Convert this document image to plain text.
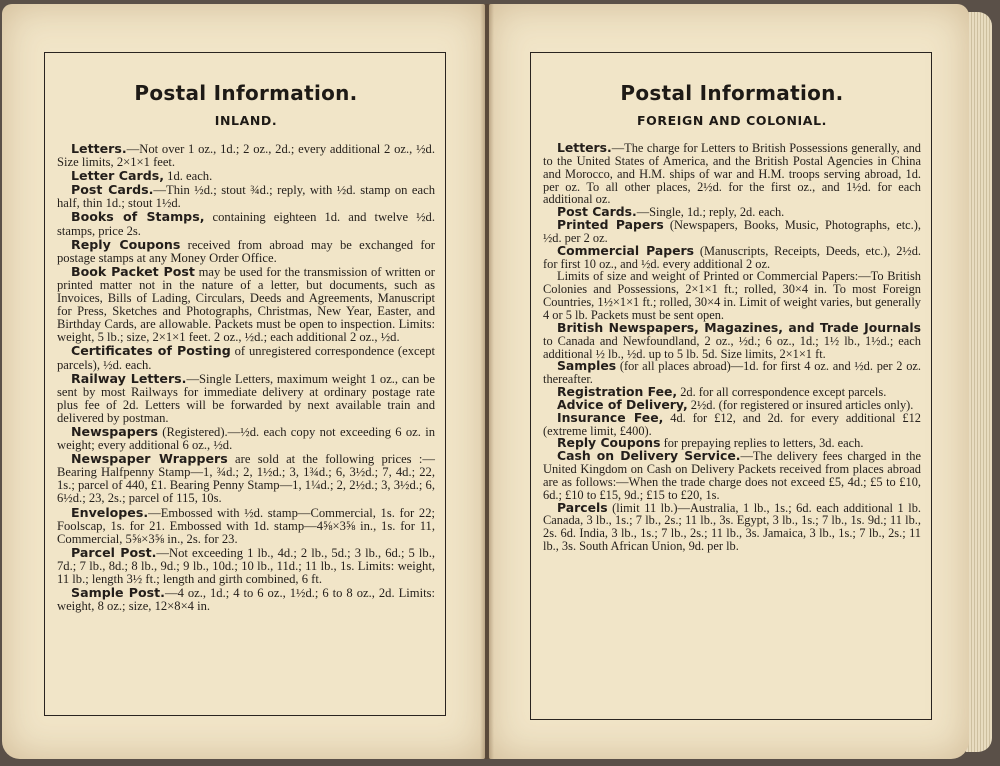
Postal Information.
INLAND.

Letters.—Not over 1 oz., 1d.; 2 oz., 2d.; every additional 2 oz., ½d. Size limits, 2×1×1 feet.

Letter Cards, 1d. each.

Post Cards.—Thin ½d.; stout ¾d.; reply, with ½d. stamp on each half, thin 1d.; stout 1½d.

Books of Stamps, containing eighteen 1d. and twelve ½d. stamps, price 2s.

Reply Coupons received from abroad may be exchanged for postage stamps at any Money Order Office.

Book Packet Post may be used for the transmission of written or printed matter not in the nature of a letter, but documents, such as Invoices, Bills of Lading, Circulars, Deeds and Agreements, Manuscript for Press, Sketches and Photographs, Christmas, New Year, Easter, and Birthday Cards, are allowable. Packets must be open to inspection. Limits: weight, 5 lb.; size, 2×1×1 feet. 2 oz., ½d.; each additional 2 oz., ½d.

Certificates of Posting of unregistered correspondence (except parcels), ½d. each.

Railway Letters.—Single Letters, maximum weight 1 oz., can be sent by most Railways for immediate delivery at ordinary postage rate plus fee of 2d. Letters will be forwarded by next available train and delivered by postman.

Newspapers (Registered).—½d. each copy not exceeding 6 oz. in weight; every additional 6 oz., ½d.

Newspaper Wrappers are sold at the following prices :—Bearing Halfpenny Stamp—1, ¾d.; 2, 1½d.; 3, 1¾d.; 6, 3½d.; 7, 4d.; 22, 1s.; parcel of 440, £1. Bearing Penny Stamp—1, 1¼d.; 2, 2½d.; 3, 3½d.; 6, 6½d.; 23, 2s.; parcel of 115, 10s.

Envelopes.—Embossed with ½d. stamp—Commercial, 1s. for 22; Foolscap, 1s. for 21. Embossed with 1d. stamp—4⅝×3⅝ in., 1s. for 11, Commercial, 5⅝×3⅝ in., 2s. for 23.

Parcel Post.—Not exceeding 1 lb., 4d.; 2 lb., 5d.; 3 lb., 6d.; 5 lb., 7d.; 7 lb., 8d.; 8 lb., 9d.; 9 lb., 10d.; 10 lb., 11d.; 11 lb., 1s. Limits: weight, 11 lb.; length 3½ ft.; length and girth combined, 6 ft.

Sample Post.—4 oz., 1d.; 4 to 6 oz., 1½d.; 6 to 8 oz., 2d. Limits: weight, 8 oz.; size, 12×8×4 in.

Postal Information.
FOREIGN AND COLONIAL.

Letters.—The charge for Letters to British Possessions generally, and to the United States of America, and the British Postal Agencies in China and Morocco, and H.M. ships of war and H.M. troops serving abroad, 1d. per oz. To all other places, 2½d. for the first oz., and 1½d. for each additional oz.

Post Cards.—Single, 1d.; reply, 2d. each.

Printed Papers (Newspapers, Books, Music, Photographs, etc.), ½d. per 2 oz.

Commercial Papers (Manuscripts, Receipts, Deeds, etc.), 2½d. for first 10 oz., and ½d. every additional 2 oz.

Limits of size and weight of Printed or Commercial Papers:—To British Colonies and Possessions, 2×1×1 ft.; rolled, 30×4 in. To most Foreign Countries, 1½×1×1 ft.; rolled, 30×4 in. Limit of weight varies, but generally 4 or 5 lb. Packets must be sent open.

British Newspapers, Magazines, and Trade Journals to Canada and Newfoundland, 2 oz., ½d.; 6 oz., 1d.; 1½ lb., 1½d.; each additional ½ lb., ½d. up to 5 lb. 5d. Size limits, 2×1×1 ft.

Samples (for all places abroad)—1d. for first 4 oz. and ½d. per 2 oz. thereafter.

Registration Fee, 2d. for all correspondence except parcels.

Advice of Delivery, 2½d. (for registered or insured articles only).

Insurance Fee, 4d. for £12, and 2d. for every additional £12 (extreme limit, £400).

Reply Coupons for prepaying replies to letters, 3d. each.

Cash on Delivery Service.—The delivery fees charged in the United Kingdom on Cash on Delivery Packets received from places abroad are as follows:—When the trade charge does not exceed £5, 4d.; £5 to £10, 6d.; £10 to £15, 9d.; £15 to £20, 1s.

Parcels (limit 11 lb.)—Australia, 1 lb., 1s.; 6d. each additional 1 lb. Canada, 3 lb., 1s.; 7 lb., 2s.; 11 lb., 3s. Egypt, 3 lb., 1s.; 7 lb., 1s. 9d.; 11 lb., 2s. 6d. India, 3 lb., 1s.; 7 lb., 2s.; 11 lb., 3s. Jamaica, 3 lb., 1s.; 7 lb., 2s.; 11 lb., 3s. South African Union, 9d. per lb.
